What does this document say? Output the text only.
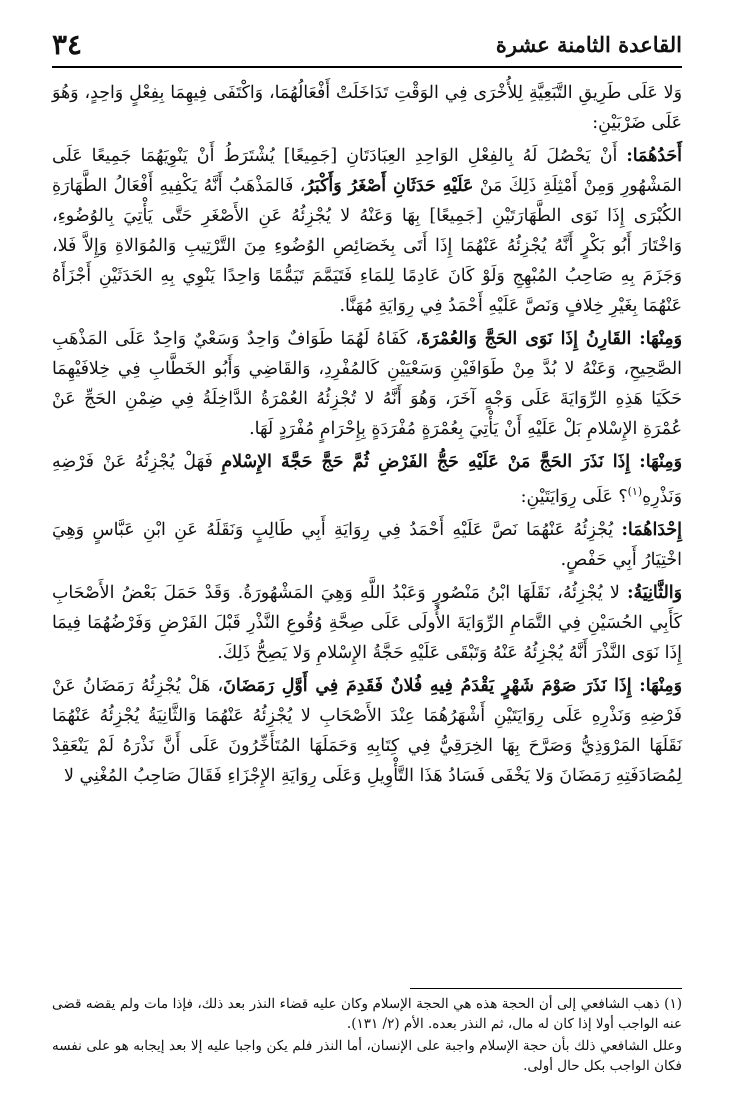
٣٤	القاعدة الثامنة عشرة

وَلا عَلَى طَرِيقِ التَّبَعِيَّةِ لِلأُخْرَى فِي الوَقْتِ تَدَاخَلَتْ أَفْعَالُهُمَا، وَاكْتَفَى فِيهِمَا بِفِعْلٍ وَاحِدٍ، وَهُوَ عَلَى ضَرْبَيْنِ:

أَحَدُهُمَا: أَنْ يَحْصُلَ لَهُ بِالفِعْلِ الوَاحِدِ العِبَادَتَانِ [جَمِيعًا] يُشْتَرَطُ أَنْ يَنْوِيَهُمَا جَمِيعًا عَلَى المَشْهُورِ وَمِنْ أَمْثِلَةِ ذَلِكَ مَنْ عَلَيْهِ حَدَثَانِ أَصْغَرُ وَأَكْبَرُ، فَالمَذْهَبُ أَنَّهُ يَكْفِيهِ أَفْعَالُ الطَّهَارَةِ الكُبْرَى إِذَا نَوَى الطَّهَارَتَيْنِ [جَمِيعًا] بِهَا وَعَنْهُ لا يُجْزِئُهُ عَنِ الأَصْغَرِ حَتَّى يَأْتِيَ بِالوُضُوءِ، وَاخْتَارَ أَبُو بَكْرٍ أَنَّهُ يُجْزِئُهُ عَنْهُمَا إِذَا أَتَى بِخَصَائِصِ الوُضُوءِ مِنَ التَّرْتِيبِ وَالمُوَالاةِ وَإِلاَّ فَلا، وَجَزَمَ بِهِ صَاحِبُ المُبْهِجِ وَلَوْ كَانَ عَادِمًا لِلمَاءِ فَتَيَمَّمَ تَيَمُّمًا وَاحِدًا يَنْوِي بِهِ الحَدَثَيْنِ أَجْزَأَهُ عَنْهُمَا بِغَيْرِ خِلافٍ وَنَصَّ عَلَيْهِ أَحْمَدُ فِي رِوَايَةِ مُهَنَّا.

وَمِنْهَا: القَارِنُ إِذَا نَوَى الحَجَّ وَالعُمْرَةَ، كَفَاهُ لَهُمَا طَوَافٌ وَاحِدٌ وَسَعْيٌ وَاحِدٌ عَلَى المَذْهَبِ الصَّحِيحِ، وَعَنْهُ لا بُدَّ مِنْ طَوَافَيْنِ وَسَعْيَيْنِ كَالمُفْرِدِ، وَالقَاضِي وَأَبُو الخَطَّابِ فِي خِلافَيْهِمَا حَكَيَا هَذِهِ الرِّوَايَةَ عَلَى وَجْهٍ آخَرَ، وَهُوَ أَنَّهُ لا تُجْزِئُهُ العُمْرَةُ الدَّاخِلَةُ فِي ضِمْنِ الحَجِّ عَنْ عُمْرَةِ الإِسْلامِ بَلْ عَلَيْهِ أَنْ يَأْتِيَ بِعُمْرَةٍ مُفْرَدَةٍ بِإِحْرَامٍ مُفْرَدٍ لَهَا.

وَمِنْهَا: إِذَا نَذَرَ الحَجَّ مَنْ عَلَيْهِ حَجُّ الفَرْضِ ثُمَّ حَجَّ حَجَّةَ الإِسْلامِ فَهَلْ يُجْزِئُهُ عَنْ فَرْضِهِ وَنَذْرِهِ$^{(١)}$؟ عَلَى رِوَايَتَيْنِ:

إِحْدَاهُمَا: يُجْزِئُهُ عَنْهُمَا نَصَّ عَلَيْهِ أَحْمَدُ فِي رِوَايَةِ أَبِي طَالِبٍ وَنَقَلَهُ عَنِ ابْنِ عَبَّاسٍ وَهِيَ اخْتِيَارُ أَبِي حَفْصٍ.

وَالثَّانِيَةُ: لا يُجْزِئُهُ، نَقَلَهَا ابْنُ مَنْصُورٍ وَعَبْدُ اللَّهِ وَهِيَ المَشْهُورَةُ. وَقَدْ حَمَلَ بَعْضُ الأَصْحَابِ كَأَبِي الحُسَيْنِ فِي التَّمَامِ الرِّوَايَةَ الأُولَى عَلَى صِحَّةِ وُقُوعِ النَّذْرِ قَبْلَ الفَرْضِ وَفَرْضُهُمَا فِيمَا إِذَا نَوَى النَّذْرَ أَنَّهُ يُجْزِئُهُ عَنْهُ وَتَبْقَى عَلَيْهِ حَجَّةُ الإِسْلامِ وَلا يَصِحُّ ذَلِكَ.

وَمِنْهَا: إِذَا نَذَرَ صَوْمَ شَهْرٍ يَقْدَمُ فِيهِ فُلانٌ فَقَدِمَ فِي أَوَّلِ رَمَضَانَ، هَلْ يُجْزِئُهُ رَمَضَانُ عَنْ فَرْضِهِ وَنَذْرِهِ عَلَى رِوَايَتَيْنِ أَشْهَرُهُمَا عِنْدَ الأَصْحَابِ لا يُجْزِئُهُ عَنْهُمَا وَالثَّانِيَةُ يُجْزِئُهُ عَنْهُمَا نَقَلَهَا المَرْوَذِيُّ وَصَرَّحَ بِهَا الخِرَقِيُّ فِي كِتَابِهِ وَحَمَلَهَا المُتَأَخِّرُونَ عَلَى أَنَّ نَذْرَهُ لَمْ يَنْعَقِدْ لِمُصَادَفَتِهِ رَمَضَانَ وَلا يَخْفَى فَسَادُ هَذَا التَّأْوِيلِ وَعَلَى رِوَايَةِ الإِجْزَاءِ فَقَالَ صَاحِبُ المُغْنِي لا

(١) ذهب الشافعي إلى أن الحجة هذه هي الحجة الإسلام وكان عليه قضاء النذر بعد ذلك، فإذا مات ولم يقضه قضى عنه الواجب أولا إذا كان له مال، ثم النذر بعده. الأم (٢/ ١٣١).

وعلل الشافعي ذلك بأن حجة الإسلام واجبة على الإنسان، أما النذر فلم يكن واجبا عليه إلا بعد إيجابه هو على نفسه فكان الواجب بكل حال أولى.
